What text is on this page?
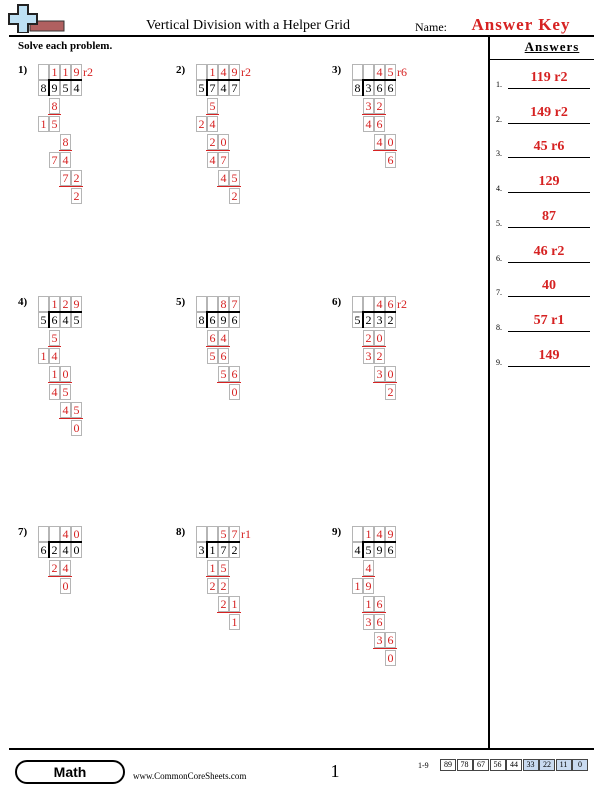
Vertical Division with a Helper Grid	Name:	Answer Key
Solve each problem.	Answers
1.	119 r2
2.	149 r2
3.	45 r6
4.	129
5.	87
6.	46 r2
7.	40
8.	57 r1
9.	149
1) 1 1 9 r2
8 9 5 4
8
1 5
8
7 4
7 2
2
2) 1 4 9 r2
5 7 4 7
5
2 4
2 0
4 7
4 5
2
3)	4 5 r6
8 3 6 6
3 2
4 6
4 0
6
4) 1 2 9
5 6 4 5
5
1 4
1 0
4 5
4 5
0
5)	8 7
8 6 9 6
6 4
5 6
5 6
0
6)	4 6 r2
5 2 3 2
2 0
3 2
3 0
2
7)	4 0
6 2 4 0
2 4
0
8)	5 7 r1
3 1 7 2
1 5
2 2
2 1
1
9) 1 4 9
4 5 9 6
4
1 9
1 6
3 6
3 6
0
Math	www.CommonCoreSheets.com	1	1-9	89	78	67	56	44	33	22	11	0
